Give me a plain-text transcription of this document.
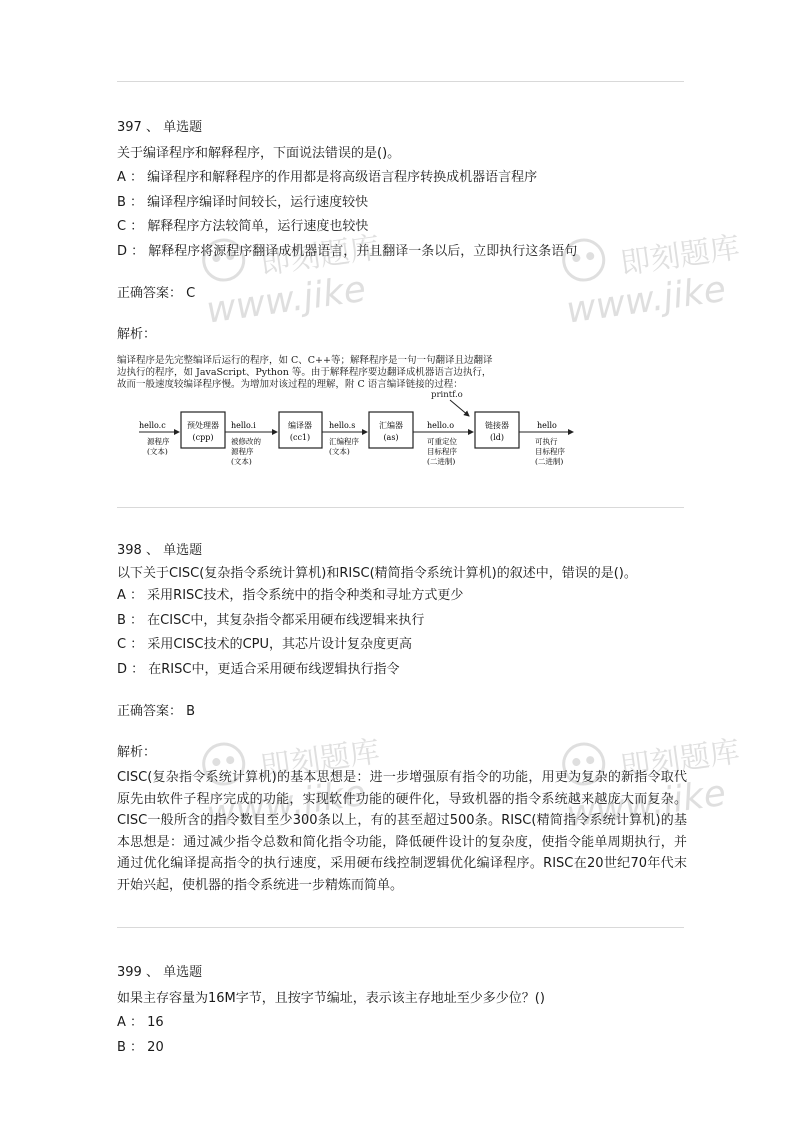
397 、 单选题
关于编译程序和解释程序，下面说法错误的是()。
A ： 编译程序和解释程序的作用都是将高级语言程序转换成机器语言程序
B ： 编译程序编译时间较长，运行速度较快
C ： 解释程序方法较简单，运行速度也较快
D ： 解释程序将源程序翻译成机器语言，并且翻译一条以后，立即执行这条语句
正确答案： C
解析：
编译程序是先完整编译后运行的程序，如 C、C++等；解释程序是一句一句翻译且边翻译
边执行的程序，如 JavaScript、Python 等。由于解释程序要边翻译成机器语言边执行，
故而一般速度较编译程序慢。为增加对该过程的理解，附 C 语言编译链接的过程：
printf.o
预处理器
(cpp)
编译器
(cc1)
汇编器
(as)
链接器
(ld)
hello.c	hello.i	hello.s	hello.o	hello
源程序
(文本)
被修改的
源程序
(文本)
汇编程序
(文本)
可重定位
目标程序
(二进制)
可执行
目标程序
(二进制)
398 、 单选题
以下关于CISC(复杂指令系统计算机)和RISC(精简指令系统计算机)的叙述中，错误的是()。
A ： 采用RISC技术，指令系统中的指令种类和寻址方式更少
B ： 在CISC中，其复杂指令都采用硬布线逻辑来执行
C ： 采用CISC技术的CPU，其芯片设计复杂度更高
D ： 在RISC中，更适合采用硬布线逻辑执行指令
正确答案： B
解析：
CISC(复杂指令系统计算机)的基本思想是：进一步增强原有指令的功能，用更为复杂的新指令取代原先由软件子程序完成的功能，实现软件功能的硬件化，导致机器的指令系统越来越庞大而复杂。CISC一般所含的指令数目至少300条以上，有的甚至超过500条。RISC(精简指令系统计算机)的基本思想是：通过减少指令总数和简化指令功能，降低硬件设计的复杂度，使指令能单周期执行，并通过优化编译提高指令的执行速度，采用硬布线控制逻辑优化编译程序。RISC在20世纪70年代末开始兴起，使机器的指令系统进一步精炼而简单。
399 、 单选题
如果主存容量为16M字节，且按字节编址，表示该主存地址至少多少位？()
A ： 16
B ： 20
即刻题库
www.jike
即刻题库
www.jike
即刻题库
www.jike
即刻题库
www.jike
